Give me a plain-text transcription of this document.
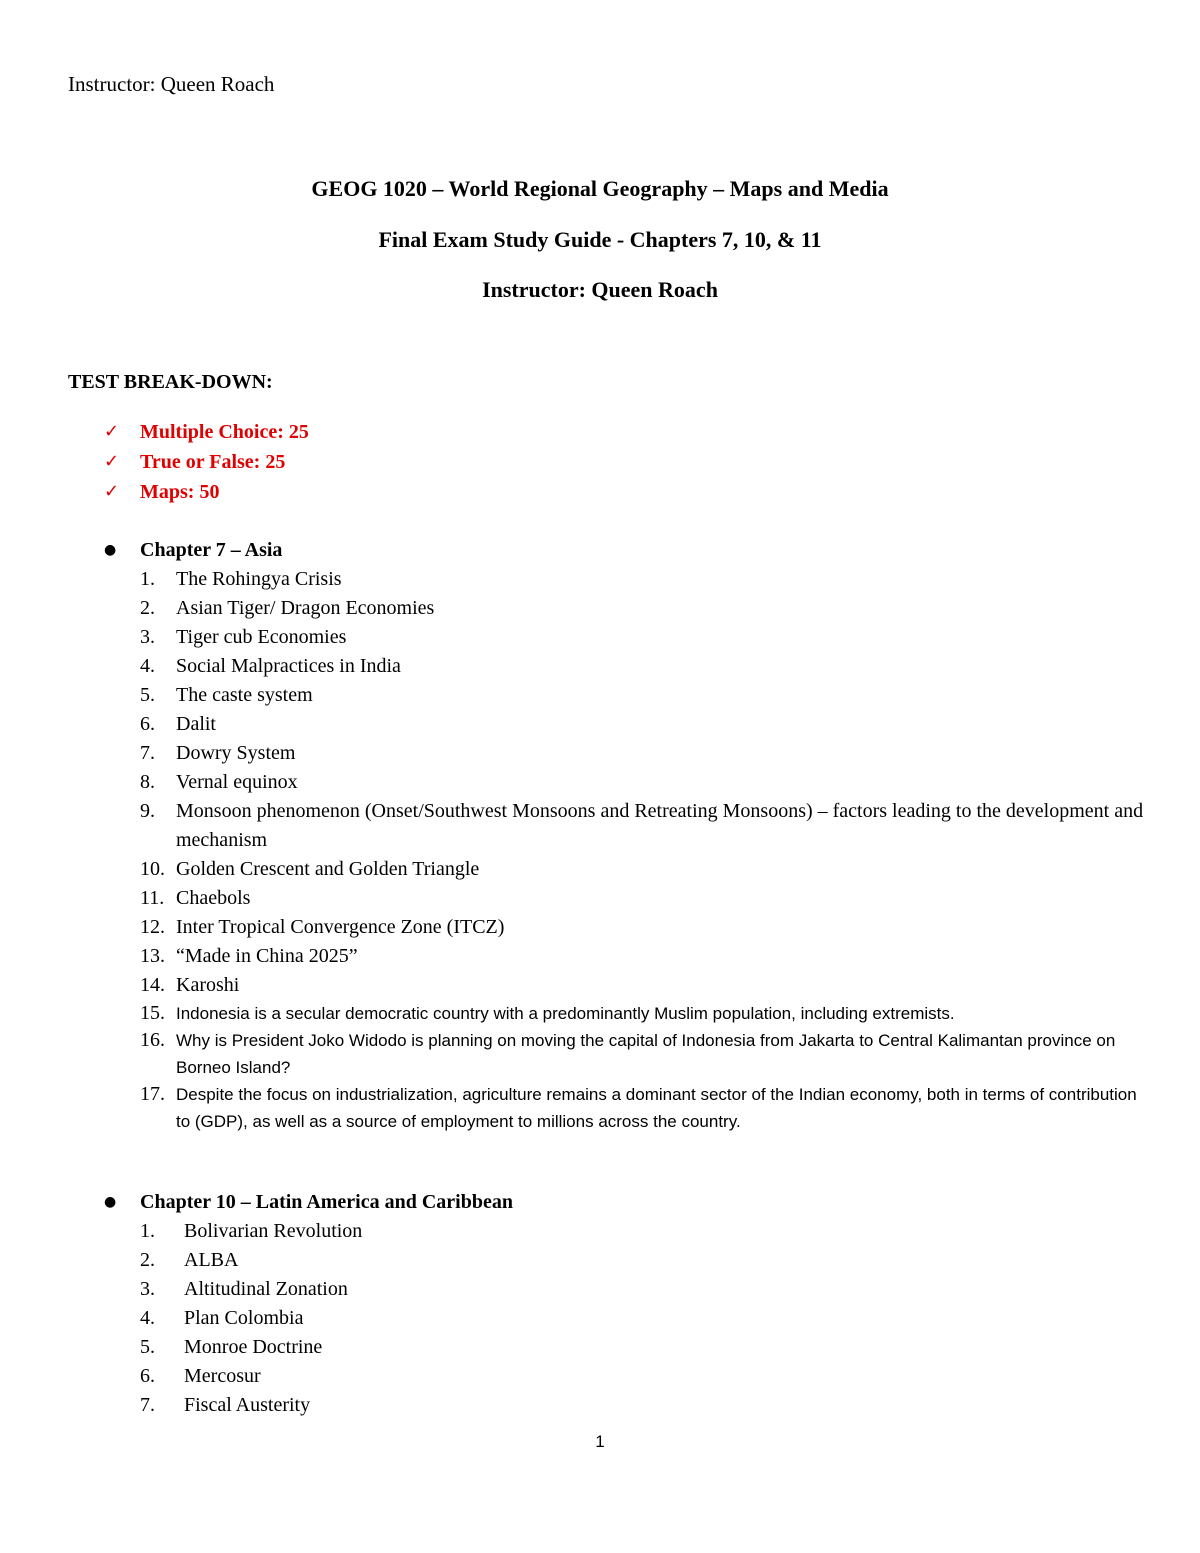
Instructor: Queen Roach
GEOG 1020 – World Regional Geography – Maps and Media
Final Exam Study Guide - Chapters 7, 10, & 11
Instructor: Queen Roach
TEST BREAK-DOWN:
✓	Multiple Choice: 25
✓	True or False: 25
✓	Maps: 50
●	Chapter 7 – Asia
1.	The Rohingya Crisis
2.	Asian Tiger/ Dragon Economies
3.	Tiger cub Economies
4.	Social Malpractices in India
5.	The caste system
6.	Dalit
7.	Dowry System
8.	Vernal equinox
9.	Monsoon phenomenon (Onset/Southwest Monsoons and Retreating Monsoons) – factors leading to the development and mechanism
10. Golden Crescent and Golden Triangle
11. Chaebols
12. Inter Tropical Convergence Zone (ITCZ)
13. “Made in China 2025”
14. Karoshi
15. Indonesia is a secular democratic country with a predominantly Muslim population, including extremists.
16. Why is President Joko Widodo is planning on moving the capital of Indonesia from Jakarta to Central Kalimantan province on Borneo Island?
17. Despite the focus on industrialization, agriculture remains a dominant sector of the Indian economy, both in terms of contribution to (GDP), as well as a source of employment to millions across the country.
●	Chapter 10 – Latin America and Caribbean
1.	Bolivarian Revolution
2.	ALBA
3.	Altitudinal Zonation
4.	Plan Colombia
5.	Monroe Doctrine
6.	Mercosur
7.	Fiscal Austerity
1
